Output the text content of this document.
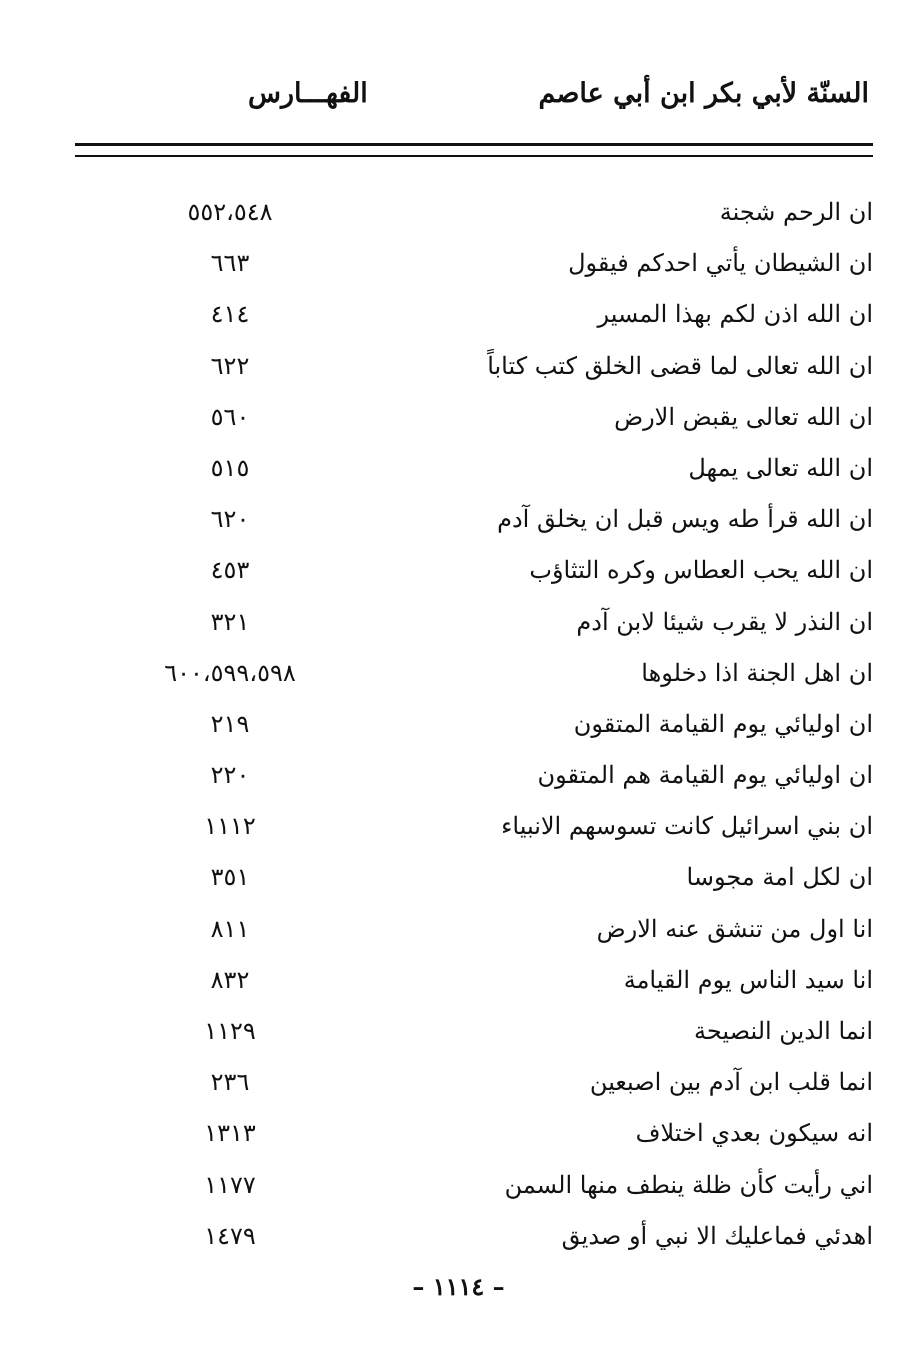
السنّة لأبي بكر ابن أبي عاصم
الفهـــارس
ان الرحم شجنة
٥٥٢،٥٤٨
ان الشيطان يأتي احدكم فيقول
٦٦٣
ان الله اذن لكم بهذا المسير
٤١٤
ان الله تعالى لما قضى الخلق كتب كتاباً
٦٢٢
ان الله تعالى يقبض الارض
٥٦٠
ان الله تعالى يمهل
٥١٥
ان الله قرأ طه ويس قبل ان يخلق آدم
٦٢٠
ان الله يحب العطاس وكره التثاؤب
٤٥٣
ان النذر لا يقرب شيئا لابن آدم
٣٢١
ان اهل الجنة اذا دخلوها
٦٠٠،٥٩٩،٥٩٨
ان اوليائي يوم القيامة المتقون
٢١٩
ان اوليائي يوم القيامة هم المتقون
٢٢٠
ان بني اسرائيل كانت تسوسهم الانبياء
١١١٢
ان لكل امة مجوسا
٣٥١
انا اول من تنشق عنه الارض
٨١١
انا سيد الناس يوم القيامة
٨٣٢
انما الدين النصيحة
١١٢٩
انما قلب ابن آدم بين اصبعين
٢٣٦
انه سيكون بعدي اختلاف
١٣١٣
اني رأيت كأن ظلة ينطف منها السمن
١١٧٧
اهدئي فماعليك الا نبي أو صديق
١٤٧٩
– ١١١٤ –
